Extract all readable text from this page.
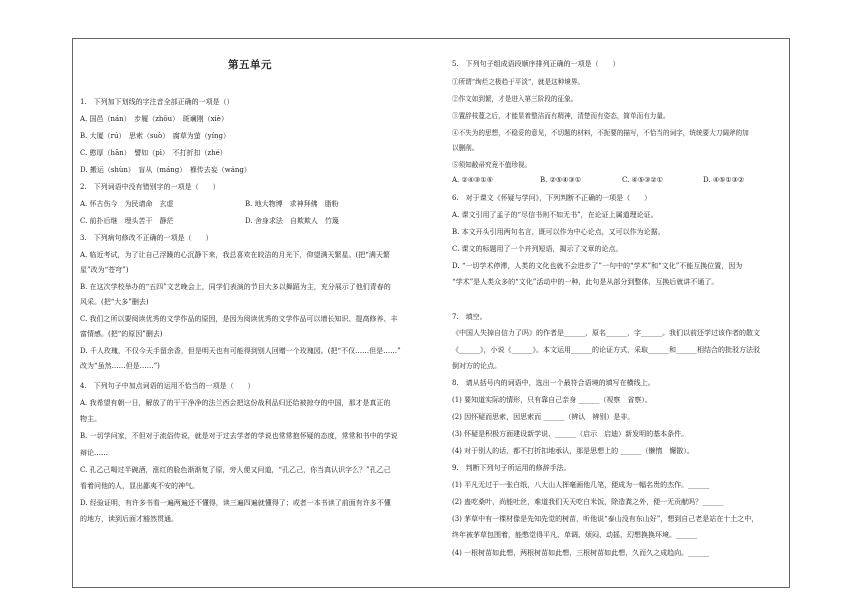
第五单元
1.　下列加下划线的字注音全部正确的一项是（）
A. 国邑（nán）　步履（zhōu）　斑斓刚（xiè）
B. 大厦（rú）　思索（suò）　腐草为萤（yíng）
C. 憨厚（hān）　譬如（pì）　不打折扣（zhé）
D. 搬运（shùn）　盲从（máng）　褓传去妄（wáng）
2.　下列词语中没有错别字的一项是（　　）
A. 怀古伤今　为民请命　玄虚	B. 地大物博　求神拜佛　脂粉
C. 前扑后继　埋头苦干　静茫	D. 舍身求法　自欺欺人　竹篾
3.　下列病句修改不正确的一项是（　　）
A. 临近考试，为了让自己浮躁的心沉静下来，我总喜欢在皎洁的月光下，仰望满天繁星。(把“满天繁
星”改为“苍穹”)
B. 在这次学校举办的“五四”文艺晚会上，同学们表演的节目大多以舞蹈为主，充分展示了他们青春的
风采。(把“大多”删去)
C. 我们之所以要阅读优秀的文学作品的原因，是因为阅读优秀的文学作品可以增长知识、提高修养、丰
富情感。(把“的原因”删去)
D. 千人玫瑰，不仅今天手留余香，但是明天也有可能得到别人回赠一个玫瑰园。(把“不仅……但是……”
改为“虽然……但是……”)
4.　下列句子中加点词语的运用不恰当的一项是（　　）
A. 我希望有朝一日，解放了的干干净净的法兰西会把这份战利品归还给被掠夺的中国，那才是真正的
物主。
B. 一切学问家，不但对于流俗传说，就是对于过去学者的学说也常常抱怀疑的态度，常常和书中的学说
辩论……
C. 孔乙己喝过半碗酒，涨红的脸色渐渐复了原，旁人便又问道，“孔乙己，你当真认识字么？”孔乙己
看着问他的人，显出鄙夷不安的神气。
D. 经验证明，有许多书看一遍两遍还不懂得，读三遍四遍就懂得了；或者一本书读了前面有许多不懂
的地方，读到后面才豁然贯通。
5.　下列句子组成语段顺序排列正确的一项是（　　）
①所谓“绚烂之极趋于平淡”，就是这种境界。
②作文如到繁，才是进入第三阶段的征象。
③置辞枝蔓之后，才能显着整洁而有精神，清楚而有姿态，简单而有力量。
④不失为的思想，不稳妥的意见，不切题的材料，不扼要的描写，不恰当的词字，统统要大刀阔斧的加
以删削。
⑤须知敝帚究竟不值珍视。
A. ②④③①⑤	B. ②⑤④③①	C. ④⑤③②①	D. ④⑤①③②
6.　对于课文《怀疑与学问》，下列判断不正确的一项是（　　）
A. 课文引用了孟子的“尽信书则不如无书”，在论证上属道理论证。
B. 本文开头引用两句名言，既可以作为中心论点，又可以作为论据。
C. 课文的标题用了一个并列短语，揭示了文章的论点。
D. “一切学术停滞，人类的文化也就不会进步了”一句中的“学术”和“文化”不能互换位置，因为
“学术”是人类众多的“文化”活动中的一种，此句是从部分到整体，互换后就讲不通了。
7.　填空。
《中国人失掉自信力了吗》的作者是______，原名______，字______。我们以前还学过该作者的散文
《______》，小说《______》。本文运用______的论证方式，采取______和______相结合的批驳方法驳
倒对方的论点。
8.　请从括号内的词语中，选出一个最符合语境的填写在横线上。
(1) 要知道实际的情形，只有靠自己亲身 ______（视察　省察）。
(2) 因怀疑而思索，因思索而 ______（辨认　辨别）是非。
(3) 怀疑是积极方面建设新学说、______（启示　启迪）新发明的基本条件。
(4) 对于别人的话，都不打折扣地承认，那是思想上的 ______（懒惰　懈散）。
9.　判断下列句子所运用的修辞手法。
(1) 平凡无过于一张白纸，八大山人挥毫画他几笔，便成为一幅名贵的杰作。______
(2) 蛊吃桑叶，尚能吐丝，难道我们天天吃白米饭，除造粪之外，便一无贡献吗？______
(3) 茅草中有一棵材像是先知先觉的树苗，听他说“泰山没有东山好”，想到自己老是站在十土之中，
终年被茅草包围着，能憋觉得平凡、单调、烦闷、动摇，幻想换换环境。______
(4) 一根树苗如此想，两根树苗如此想，三根树苗如此想，久而久之成趋向。______
